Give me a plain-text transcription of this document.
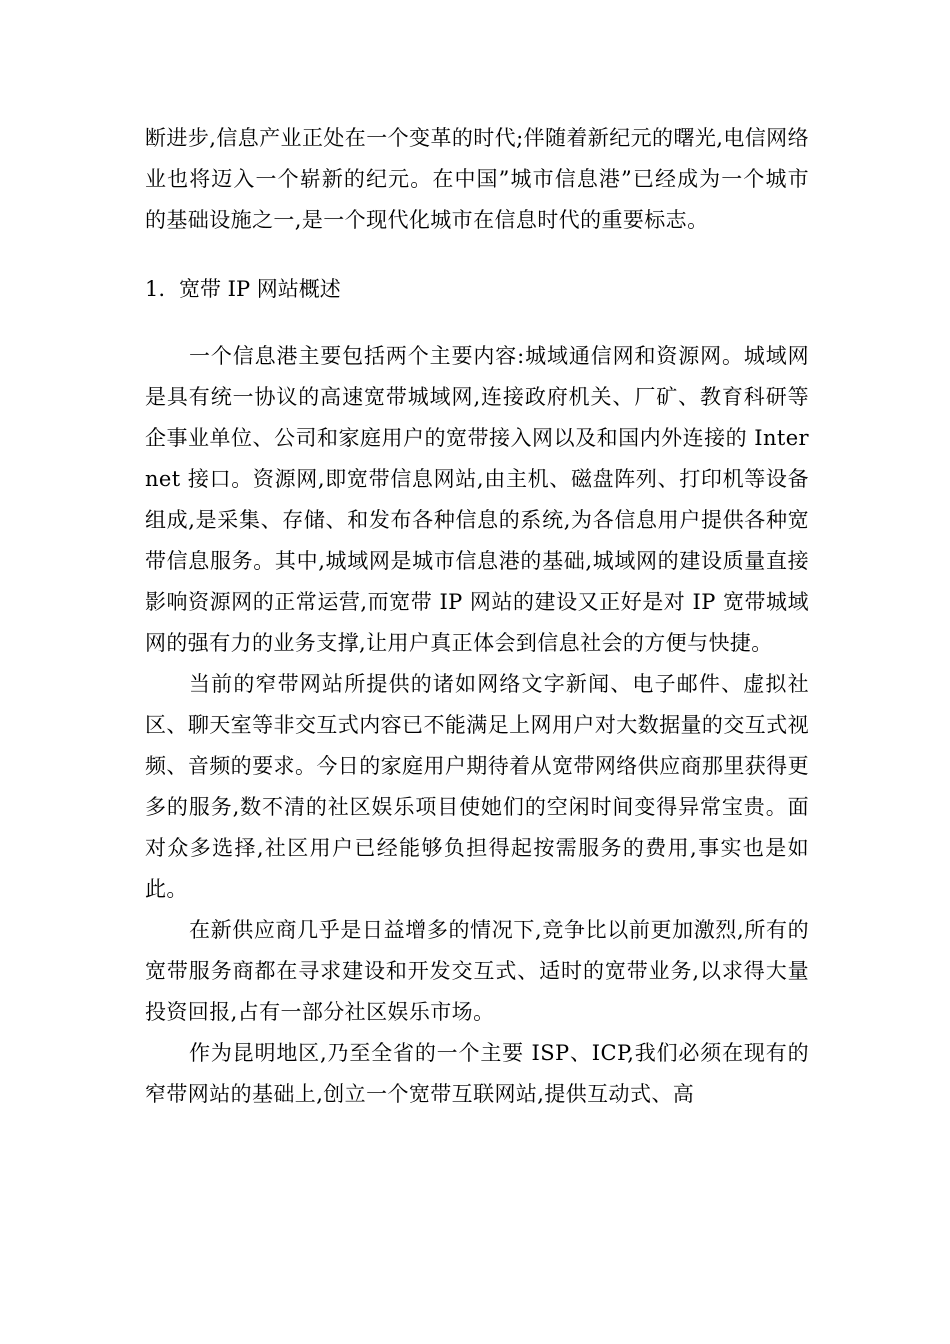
断进步,信息产业正处在一个变革的时代;伴随着新纪元的曙光,电信网络业也将迈入一个崭新的纪元。在中国”城市信息港”已经成为一个城市的基础设施之一,是一个现代化城市在信息时代的重要标志。

1. 宽带 IP 网站概述

一个信息港主要包括两个主要内容:城域通信网和资源网。城域网是具有统一协议的高速宽带城域网,连接政府机关、厂矿、教育科研等企事业单位、公司和家庭用户的宽带接入网以及和国内外连接的 Internet 接口。资源网,即宽带信息网站,由主机、磁盘阵列、打印机等设备组成,是采集、存储、和发布各种信息的系统,为各信息用户提供各种宽带信息服务。其中,城域网是城市信息港的基础,城域网的建设质量直接影响资源网的正常运营,而宽带 IP 网站的建设又正好是对 IP 宽带城域网的强有力的业务支撑,让用户真正体会到信息社会的方便与快捷。

当前的窄带网站所提供的诸如网络文字新闻、电子邮件、虚拟社区、聊天室等非交互式内容已不能满足上网用户对大数据量的交互式视频、音频的要求。今日的家庭用户期待着从宽带网络供应商那里获得更多的服务,数不清的社区娱乐项目使她们的空闲时间变得异常宝贵。面对众多选择,社区用户已经能够负担得起按需服务的费用,事实也是如此。

在新供应商几乎是日益增多的情况下,竞争比以前更加激烈,所有的宽带服务商都在寻求建设和开发交互式、适时的宽带业务,以求得大量投资回报,占有一部分社区娱乐市场。

作为昆明地区,乃至全省的一个主要 ISP、ICP,我们必须在现有的窄带网站的基础上,创立一个宽带互联网站,提供互动式、高
